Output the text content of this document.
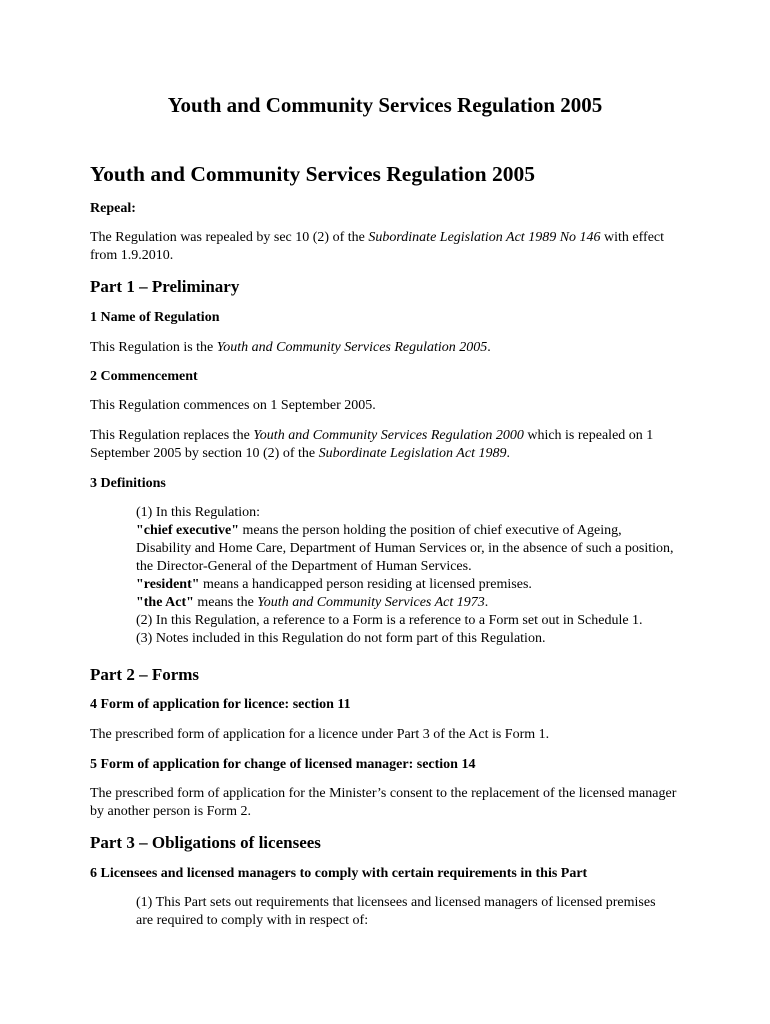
Youth and Community Services Regulation 2005
Youth and Community Services Regulation 2005
Repeal:

The Regulation was repealed by sec 10 (2) of the Subordinate Legislation Act 1989 No 146 with effect from 1.9.2010.

Part 1 – Preliminary
1 Name of Regulation

This Regulation is the Youth and Community Services Regulation 2005.

2 Commencement

This Regulation commences on 1 September 2005.

This Regulation replaces the Youth and Community Services Regulation 2000 which is repealed on 1 September 2005 by section 10 (2) of the Subordinate Legislation Act 1989.

3 Definitions
(1) In this Regulation:
"chief executive" means the person holding the position of chief executive of Ageing, Disability and Home Care, Department of Human Services or, in the absence of such a position, the Director-General of the Department of Human Services.
"resident" means a handicapped person residing at licensed premises.
"the Act" means the Youth and Community Services Act 1973.
(2) In this Regulation, a reference to a Form is a reference to a Form set out in Schedule 1.
(3) Notes included in this Regulation do not form part of this Regulation.
Part 2 – Forms
4 Form of application for licence: section 11

The prescribed form of application for a licence under Part 3 of the Act is Form 1.

5 Form of application for change of licensed manager: section 14

The prescribed form of application for the Minister’s consent to the replacement of the licensed manager by another person is Form 2.

Part 3 – Obligations of licensees
6 Licensees and licensed managers to comply with certain requirements in this Part
(1) This Part sets out requirements that licensees and licensed managers of licensed premises are required to comply with in respect of:
